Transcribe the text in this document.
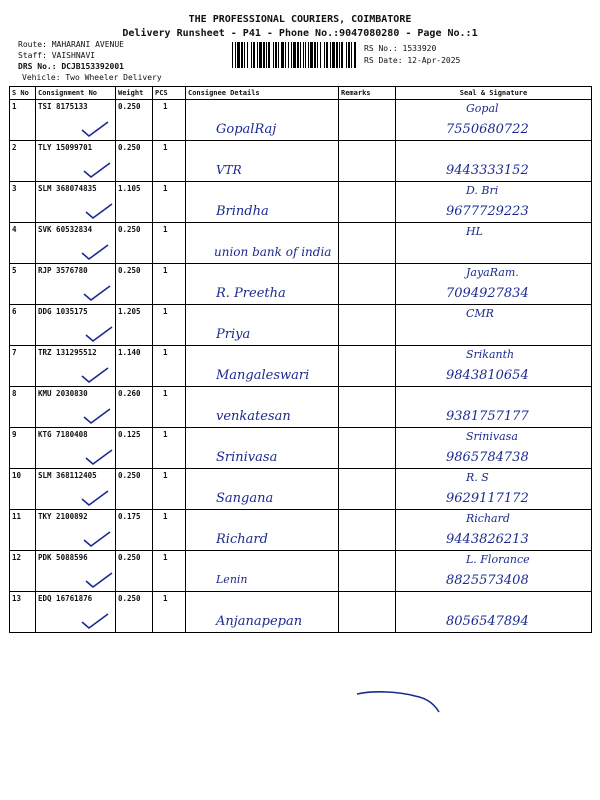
THE PROFESSIONAL COURIERS, COIMBATORE
Delivery Runsheet - P41 - Phone No.:9047080280 - Page No.:1
Route: MAHARANI AVENUE
Staff: VAISHNAVI
DRS No.: DCJB153392001
Vehicle: Two Wheeler Delivery
RS No.: 1533920
RS Date: 12-Apr-2025
S No	Consignment No	Weight	PCS	Consignee Details	Remarks	Seal & Signature

1	TSI 8175133	0.250	1	GopalRaj		Gopal
7550680722

2	TLY 15099701	0.250	1	VTR		9443333152

3	SLM 368074835	1.105	1	Brindha		D. Bri
9677729223

4	SVK 60532834	0.250	1	union bank of india		HL

5	RJP 3576780	0.250	1	R. Preetha		JayaRam.
7094927834

6	DDG 1035175	1.205	1	Priya		CMR

7	TRZ 131295512	1.140	1	Mangaleswari		Srikanth
9843810654

8	KMU 2030830	0.260	1	venkatesan		9381757177

9	KTG 7180408	0.125	1	Srinivasa		Srinivasa
9865784738

10	SLM 368112405	0.250	1	Sangana		R. S
9629117172

11	TKY 2100892	0.175	1	Richard		Richard
9443826213

12	PDK 5088596	0.250	1	Lenin		L. Florance
8825573408

13	EDQ 16761876	0.250	1	Anjanapepan		8056547894
